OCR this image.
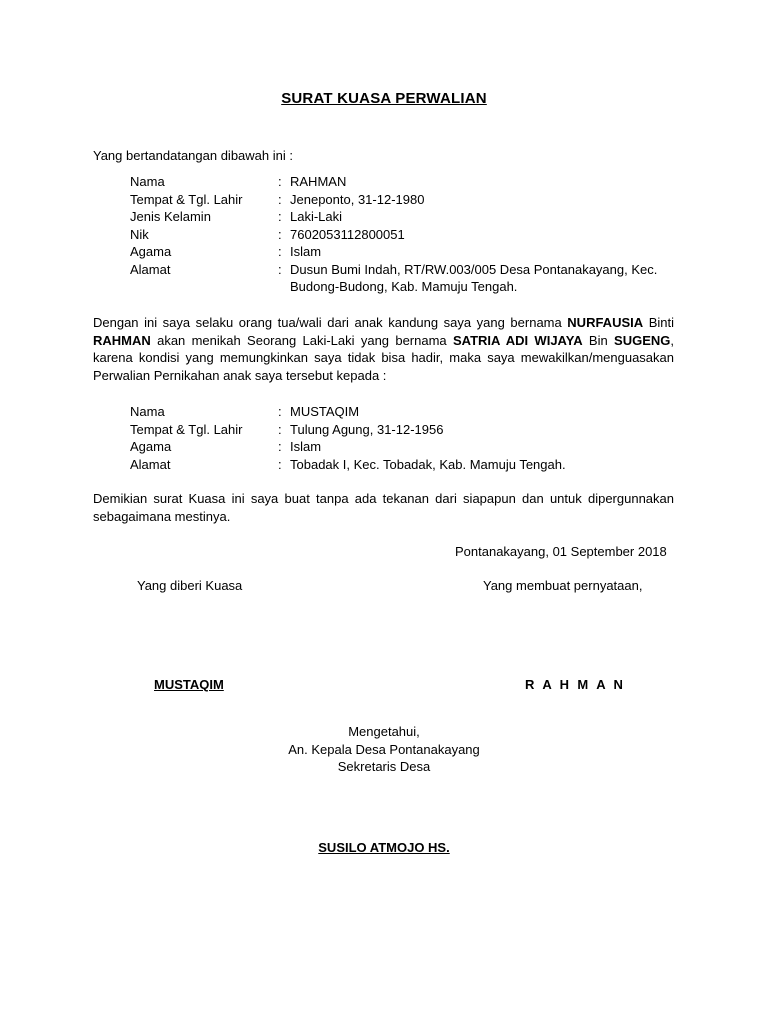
SURAT KUASA PERWALIAN
Yang bertandatangan dibawah ini :
Nama	: RAHMAN
Tempat & Tgl. Lahir	: Jeneponto, 31-12-1980
Jenis Kelamin	: Laki-Laki
Nik	: 7602053112800051
Agama	: Islam
Alamat	: Dusun Bumi Indah, RT/RW.003/005 Desa Pontanakayang, Kec.
Budong-Budong, Kab. Mamuju Tengah.
Dengan ini saya selaku orang tua/wali dari anak kandung saya yang bernama NURFAUSIA Binti RAHMAN akan menikah Seorang Laki-Laki yang bernama SATRIA ADI WIJAYA Bin SUGENG, karena kondisi yang memungkinkan saya tidak bisa hadir, maka saya mewakilkan/menguasakan Perwalian Pernikahan anak saya tersebut kepada :
Nama	: MUSTAQIM
Tempat & Tgl. Lahir	: Tulung Agung, 31-12-1956
Agama	: Islam
Alamat	: Tobadak I, Kec. Tobadak, Kab. Mamuju Tengah.
Demikian surat Kuasa ini saya buat tanpa ada tekanan dari siapapun dan untuk dipergunnakan sebagaimana mestinya.
Pontanakayang, 01 September 2018
Yang diberi Kuasa	Yang membuat pernyataan,
MUSTAQIM	R A H M A N
Mengetahui,
An. Kepala Desa Pontanakayang
Sekretaris Desa
SUSILO ATMOJO HS.
